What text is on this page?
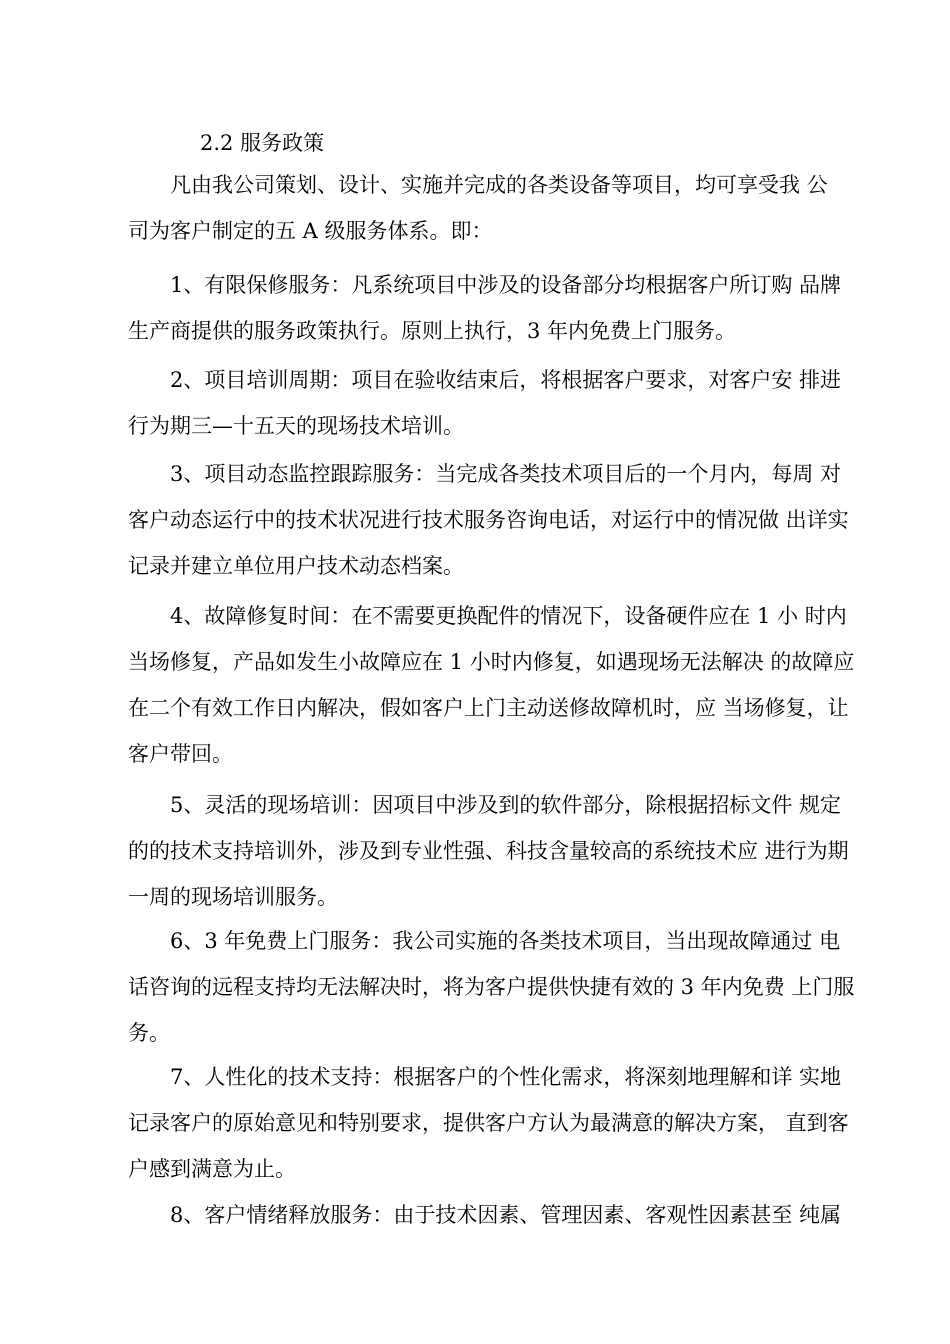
2.2 服务政策
凡由我公司策划、设计、实施并完成的各类设备等项目，均可享受我 公
司为客户制定的五 A 级服务体系。即：
1、有限保修服务：凡系统项目中涉及的设备部分均根据客户所订购 品牌
生产商提供的服务政策执行。原则上执行，3 年内免费上门服务。
2、项目培训周期：项目在验收结束后，将根据客户要求，对客户安 排进
行为期三—十五天的现场技术培训。
3、项目动态监控跟踪服务：当完成各类技术项目后的一个月内，每周 对
客户动态运行中的技术状况进行技术服务咨询电话，对运行中的情况做 出详实
记录并建立单位用户技术动态档案。
4、故障修复时间：在不需要更换配件的情况下，设备硬件应在 1 小 时内
当场修复，产品如发生小故障应在 1 小时内修复，如遇现场无法解决 的故障应
在二个有效工作日内解决，假如客户上门主动送修故障机时，应 当场修复，让
客户带回。
5、灵活的现场培训：因项目中涉及到的软件部分，除根据招标文件 规定
的的技术支持培训外，涉及到专业性强、科技含量较高的系统技术应 进行为期
一周的现场培训服务。
6、3 年免费上门服务：我公司实施的各类技术项目，当出现故障通过 电
话咨询的远程支持均无法解决时，将为客户提供快捷有效的 3 年内免费 上门服
务。
7、人性化的技术支持：根据客户的个性化需求，将深刻地理解和详 实地
记录客户的原始意见和特别要求，提供客户方认为最满意的解决方案， 直到客
户感到满意为止。
8、客户情绪释放服务：由于技术因素、管理因素、客观性因素甚至 纯属
